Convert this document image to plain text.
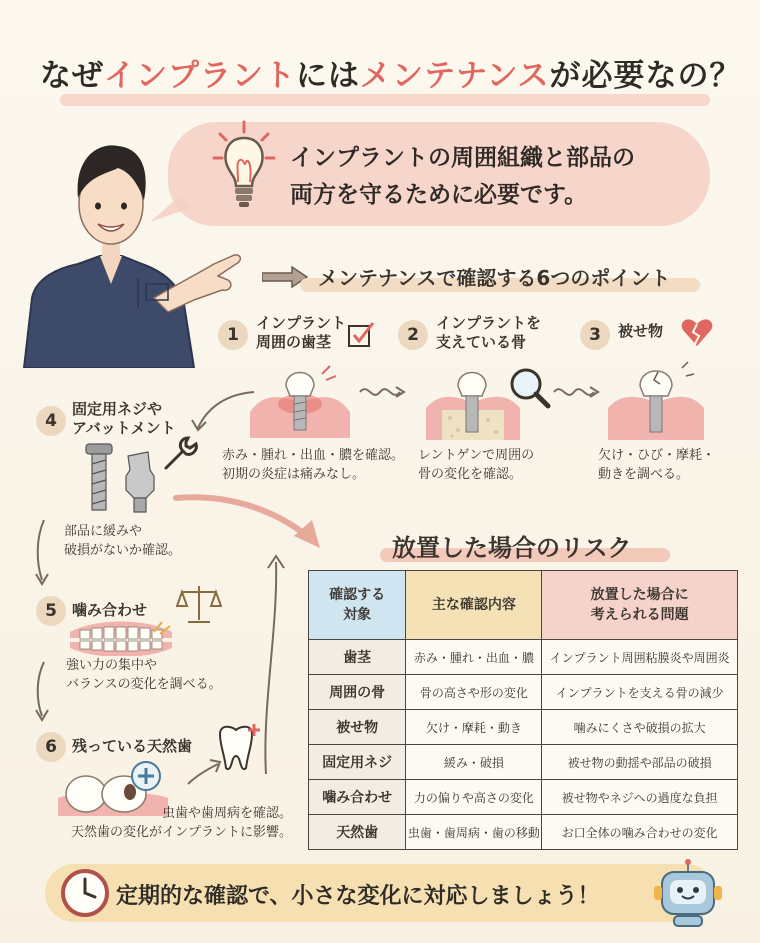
なぜインプラントにはメンテナンスが必要なの？
インプラントの周囲組織と部品の
両方を守るために必要です。
メンテナンスで確認する6つのポイント
1
インプラント
周囲の歯茎
赤み・腫れ・出血・膿を確認。
初期の炎症は痛みなし。
2
インプラントを
支えている骨
レントゲンで周囲の
骨の変化を確認。
3	被せ物
欠け・ひび・摩耗・
動きを調べる。
4
固定用ネジや
アバットメント
部品に緩みや
破損がないか確認。
5	噛み合わせ
強い力の集中や
バランスの変化を調べる。
6	残っている天然歯
虫歯や歯周病を確認。
天然歯の変化がインプラントに影響。
放置した場合のリスク
確認する
対象	主な確認内容	放置した場合に
考えられる問題
歯茎	赤み・腫れ・出血・膿	インプラント周囲粘膜炎や周囲炎
周囲の骨	骨の高さや形の変化	インプラントを支える骨の減少
被せ物	欠け・摩耗・動き	噛みにくさや破損の拡大
固定用ネジ	緩み・破損	被せ物の動揺や部品の破損
噛み合わせ	力の偏りや高さの変化	被せ物やネジへの過度な負担
天然歯	虫歯・歯周病・歯の移動	お口全体の噛み合わせの変化
定期的な確認で、小さな変化に対応しましょう！
